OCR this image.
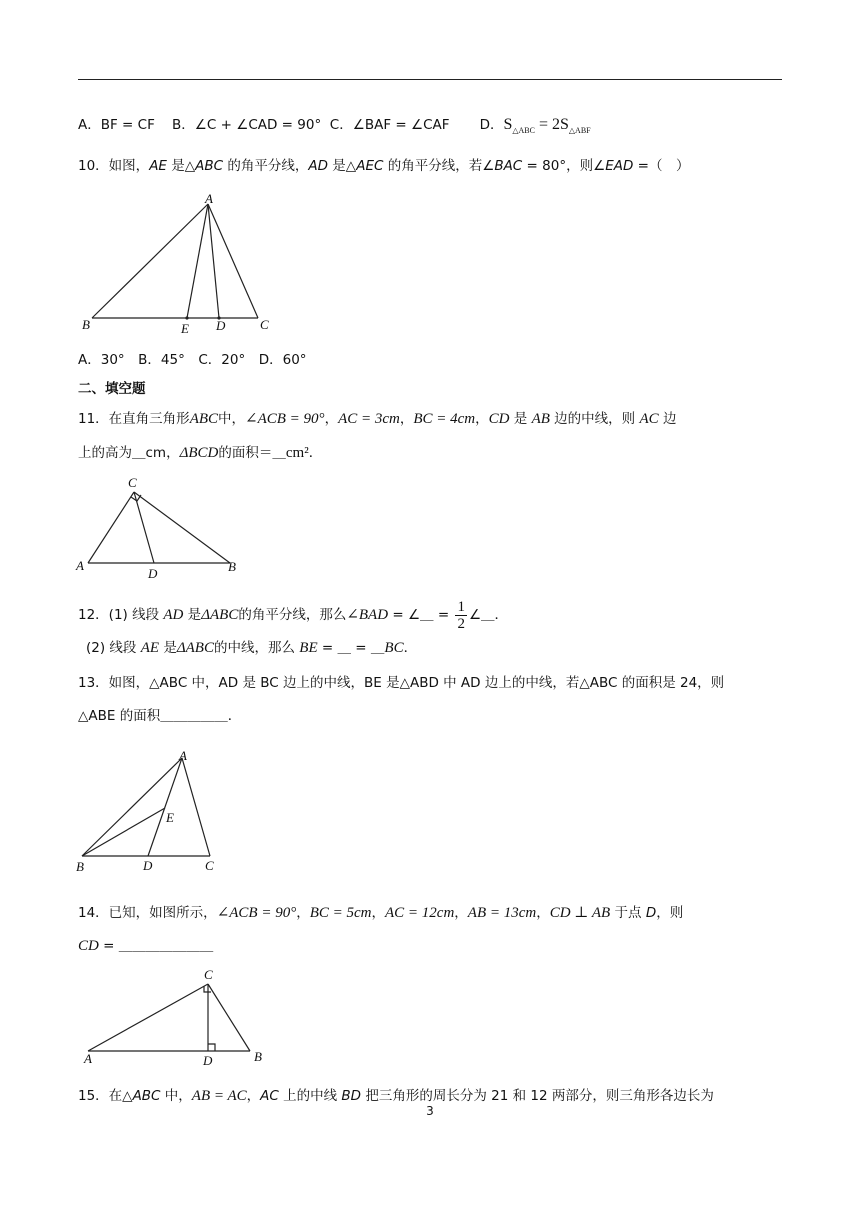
A．BF = CF B．∠C + ∠CAD = 90° C．∠BAF = ∠CAF D．$S_{\triangle ABC} = 2S_{\triangle ABF}$
10．如图，AE 是△ABC 的角平分线，AD 是△AEC 的角平分线，若∠BAC = 80°，则∠EAD =（　）
A
B	E D	C
A．30°　B．45°　C．20°　D．60°
二、填空题
11．在直角三角形ABC中，∠ACB = 90°，AC = 3cm，BC = 4cm，CD 是 AB 边的中线，则 AC 边
上的高为＿cm，ΔBCD的面积＝＿cm²．
C
A
D	B
12．(1) 线段 AD 是ΔABC的角平分线，那么∠BAD = ∠＿ = $\frac{1}{2}$ ∠＿．
(2) 线段 AE 是ΔABC的中线，那么 BE = ＿ = ＿BC．
13．如图，△ABC 中，AD 是 BC 边上的中线，BE 是△ABD 中 AD 边上的中线，若△ABC 的面积是 24，则
△ABE 的面积＿＿＿＿＿．
A
E
B	D	C
14．已知，如图所示，∠ACB = 90°，BC = 5cm，AC = 12cm，AB = 13cm，CD ⊥ AB 于点 D，则
CD = ＿＿＿＿＿＿＿
C
A	D	B
15．在△ABC 中，AB = AC，AC 上的中线 BD 把三角形的周长分为 21 和 12 两部分，则三角形各边长为
3
